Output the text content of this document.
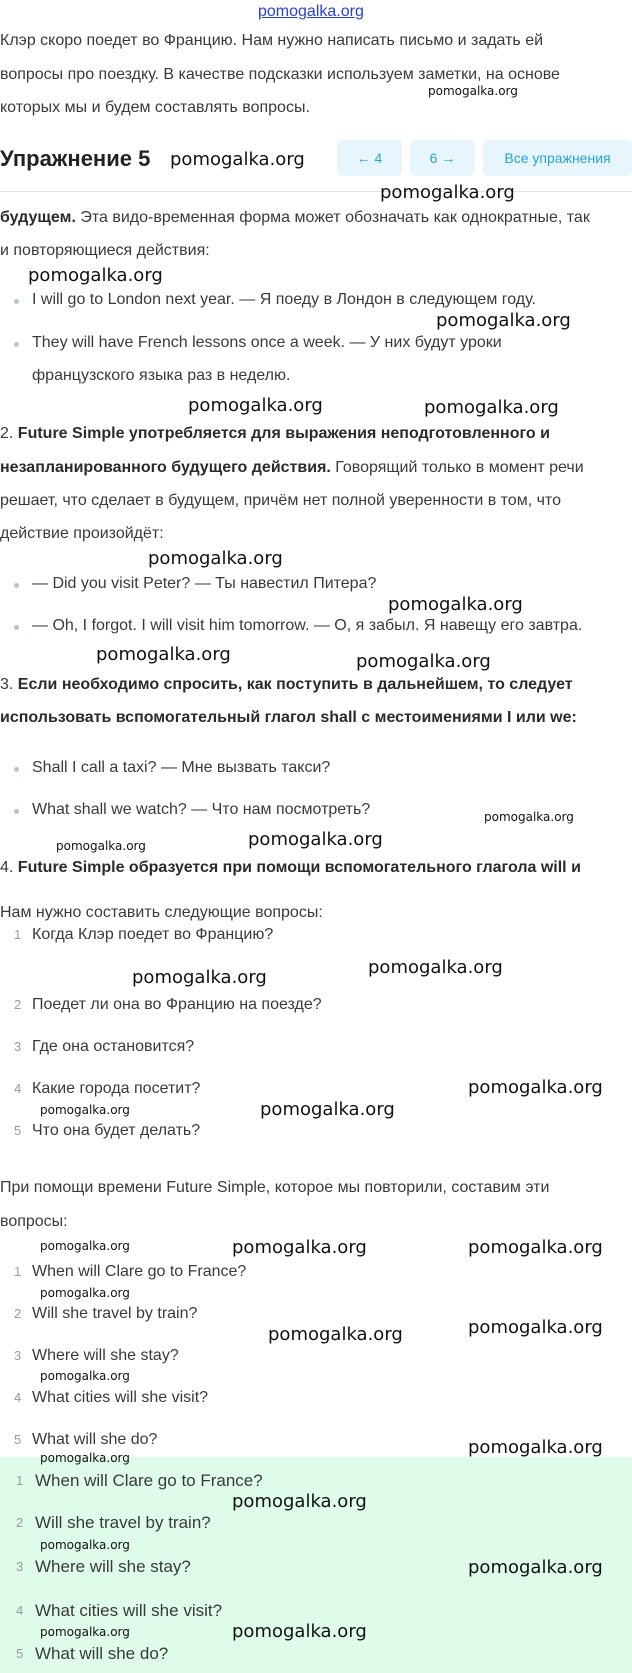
pomogalka.org
Клэр скоро поедет во Францию. Нам нужно написать письмо и задать ей
вопросы про поездку. В качестве подсказки используем заметки, на основе
которых мы и будем составлять вопросы.
Упражнение 5	← 4	6 →	Все упражнения
будущем. Эта видо-временная форма может обозначать как однократные, так
и повторяющиеся действия:
I will go to London next year. — Я поеду в Лондон в следующем году.
They will have French lessons once a week. — У них будут уроки
французского языка раз в неделю.
2. Future Simple употребляется для выражения неподготовленного и
незапланированного будущего действия. Говорящий только в момент речи
решает, что сделает в будущем, причём нет полной уверенности в том, что
действие произойдёт:
— Did you visit Peter? — Ты навестил Питера?
— Oh, I forgot. I will visit him tomorrow. — О, я забыл. Я навещу его завтра.
3. Если необходимо спросить, как поступить в дальнейшем, то следует
использовать вспомогательный глагол shall с местоимениями I или we:
Shall I call a taxi? — Мне вызвать такси?
What shall we watch? — Что нам посмотреть?
4. Future Simple образуется при помощи вспомогательного глагола will и
Нам нужно составить следующие вопросы:
1 Когда Клэр поедет во Францию?
2 Поедет ли она во Францию на поезде?
3 Где она остановится?
4 Какие города посетит?
5 Что она будет делать?
При помощи времени Future Simple, которое мы повторили, составим эти
вопросы:
1 When will Clare go to France?
2 Will she travel by train?
3 Where will she stay?
4 What cities will she visit?
5 What will she do?
1 When will Clare go to France?
2 Will she travel by train?
3 Where will she stay?
4 What cities will she visit?
5 What will she do?
pomogalka.org
pomogalka.org
pomogalka.org
pomogalka.org
pomogalka.org
pomogalka.org	pomogalka.org
pomogalka.org
pomogalka.org
pomogalka.org	pomogalka.org
pomogalka.org
pomogalka.org	pomogalka.org
pomogalka.org
pomogalka.org
pomogalka.org
pomogalka.org
pomogalka.org
pomogalka.org	pomogalka.org
pomogalka.org
pomogalka.org
pomogalka.org
pomogalka.org
pomogalka.org
pomogalka.org
pomogalka.org
pomogalka.org
pomogalka.org
pomogalka.org
pomogalka.org	pomogalka.org
